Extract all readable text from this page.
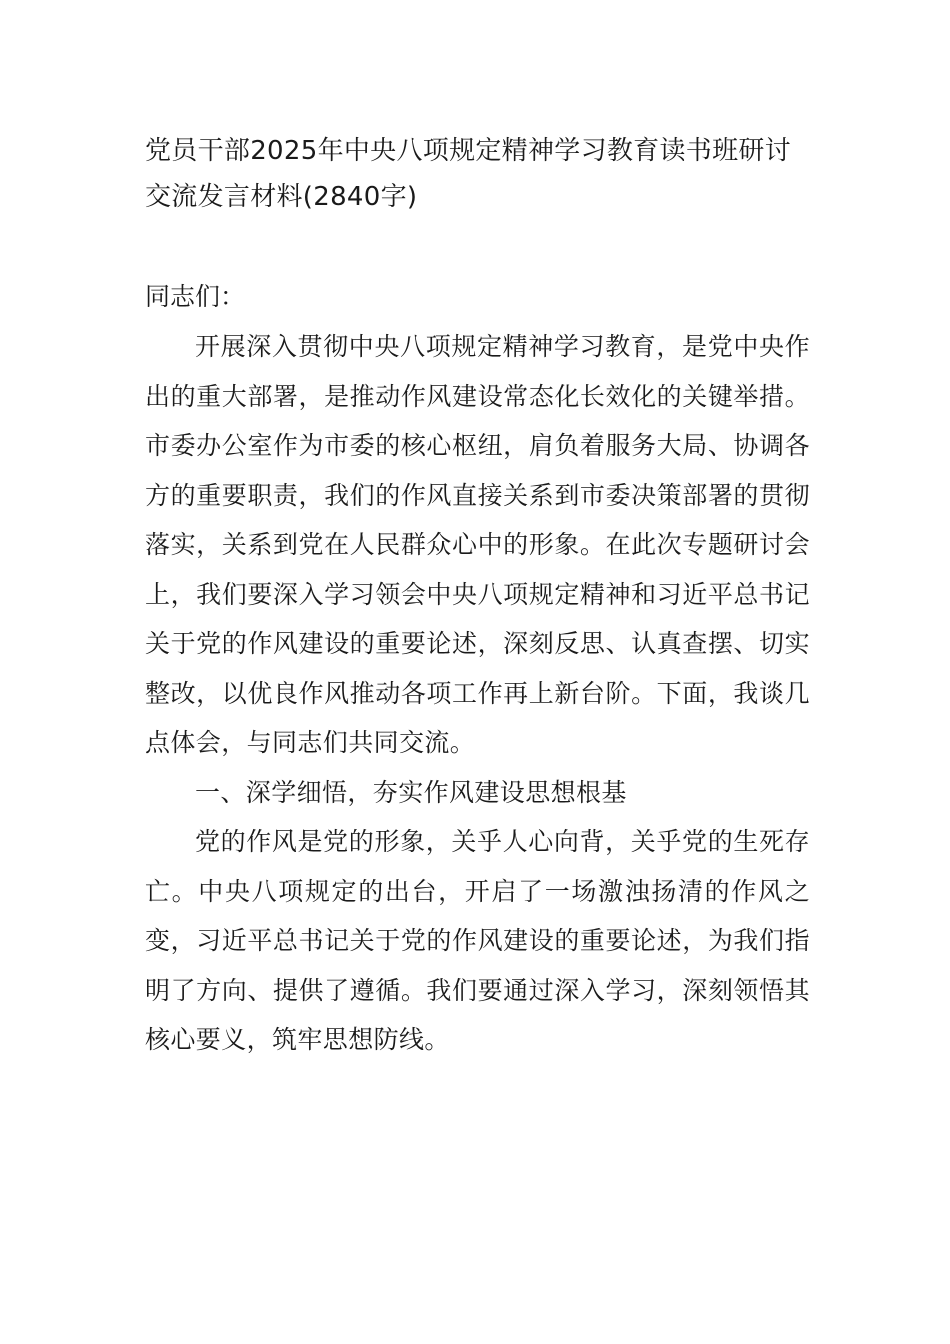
党员干部2025年中央八项规定精神学习教育读书班研讨交流发言材料(2840字)

同志们：

开展深入贯彻中央八项规定精神学习教育，是党中央作出的重大部署，是推动作风建设常态化长效化的关键举措。市委办公室作为市委的核心枢纽，肩负着服务大局、协调各方的重要职责，我们的作风直接关系到市委决策部署的贯彻落实，关系到党在人民群众心中的形象。在此次专题研讨会上，我们要深入学习领会中央八项规定精神和习近平总书记关于党的作风建设的重要论述，深刻反思、认真查摆、切实整改，以优良作风推动各项工作再上新台阶。下面，我谈几点体会，与同志们共同交流。

一、深学细悟，夯实作风建设思想根基

党的作风是党的形象，关乎人心向背，关乎党的生死存亡。中央八项规定的出台，开启了一场激浊扬清的作风之变，习近平总书记关于党的作风建设的重要论述，为我们指明了方向、提供了遵循。我们要通过深入学习，深刻领悟其核心要义，筑牢思想防线。
